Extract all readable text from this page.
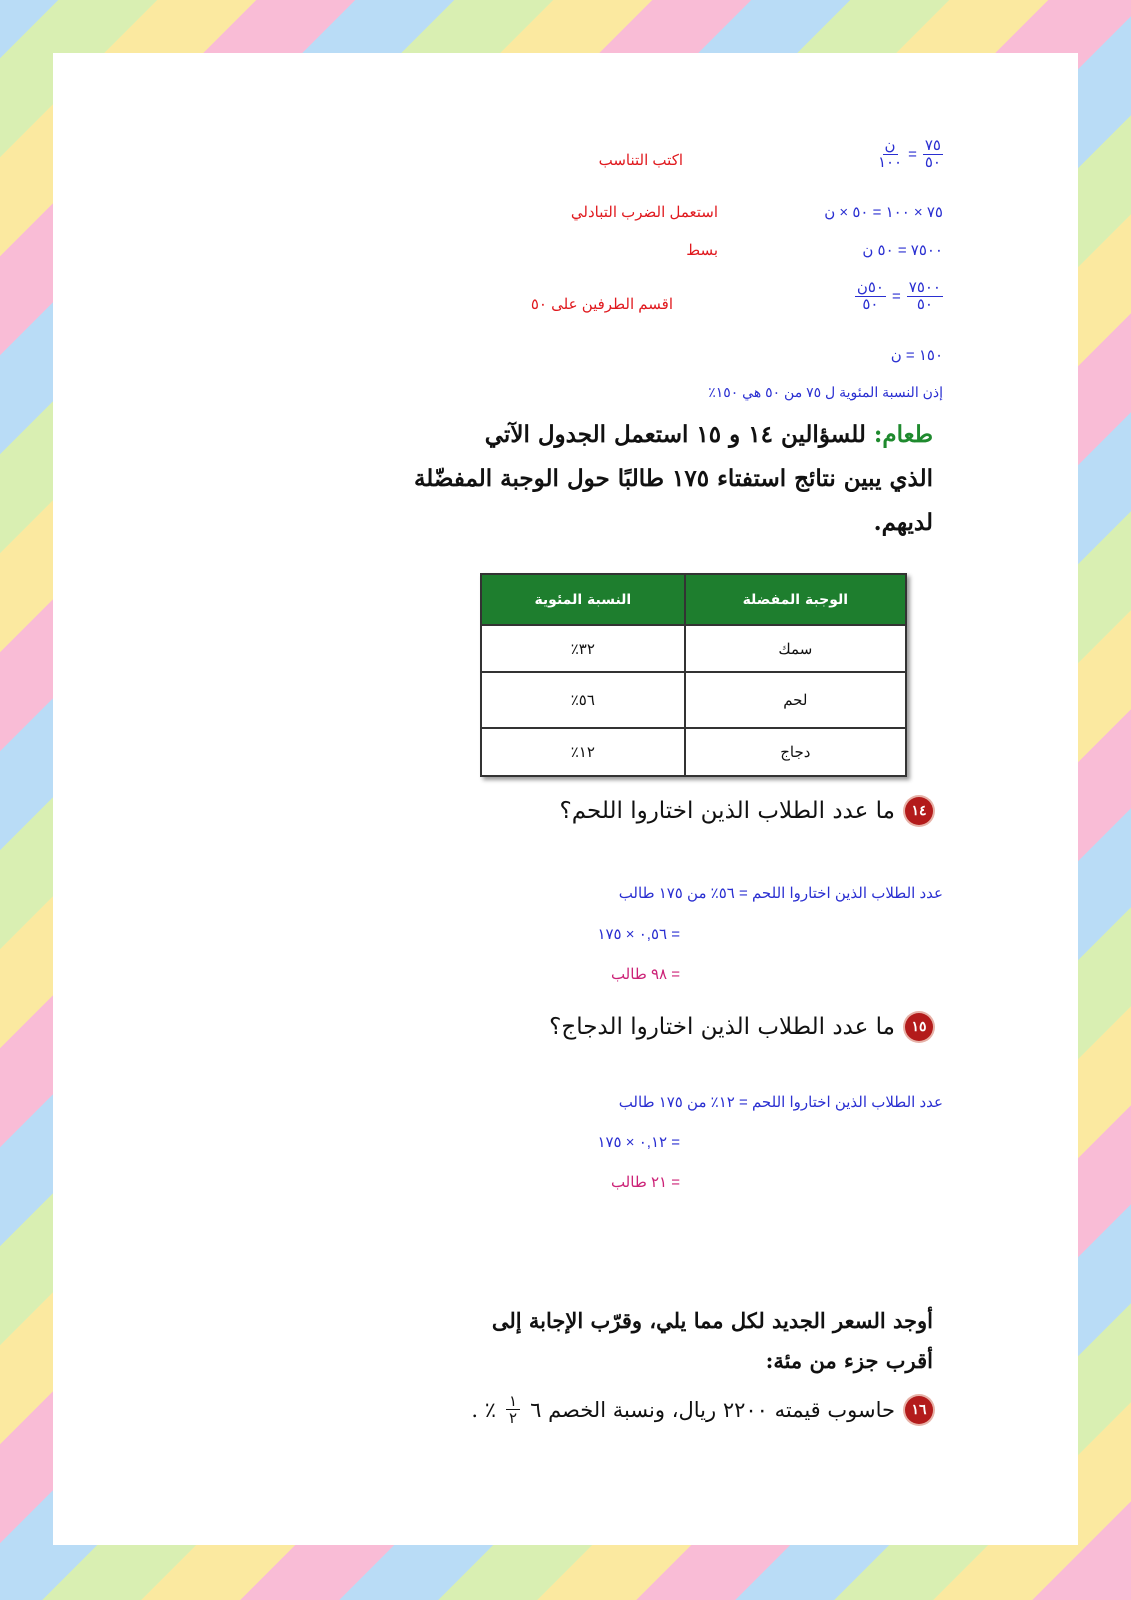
$\frac{٧٥}{٥٠}$
=
$\frac{\text{ن}}{١٠٠}$
اكتب التناسب
٧٥ × ١٠٠ = ٥٠ × ن
استعمل الضرب التبادلي
٧٥٠٠ = ٥٠ ن
بسط
$\frac{٧٥٠٠}{٥٠}$
=
$\frac{\text{٥٠ن}}{٥٠}$
اقسم الطرفين على ٥٠
١٥٠ = ن
إذن النسبة المئوية ل ٧٥ من ٥٠ هي ١٥٠٪
طعام: للسؤالين ١٤ و ١٥ استعمل الجدول الآتي
الذي يبين نتائج استفتاء ١٧٥ طالبًا حول الوجبة المفضّلة
لديهم.
الوجبة المفضلة	النسبة المئوية
سمك	٣٢٪
لحم	٥٦٪
دجاج	١٢٪
١٤
ما عدد الطلاب الذين اختاروا اللحم؟
عدد الطلاب الذين اختاروا اللحم = ٥٦٪ من ١٧٥ طالب
= ٠,٥٦ × ١٧٥
= ٩٨ طالب
١٥
ما عدد الطلاب الذين اختاروا الدجاج؟
عدد الطلاب الذين اختاروا اللحم = ١٢٪ من ١٧٥ طالب
= ٠,١٢ × ١٧٥
= ٢١ طالب
أوجد السعر الجديد لكل مما يلي، وقرّب الإجابة إلى
أقرب جزء من مئة:
١٦
حاسوب قيمته ٢٢٠٠ ريال، ونسبة الخصم ٦
$\frac{١}{٢}$
٪ .
